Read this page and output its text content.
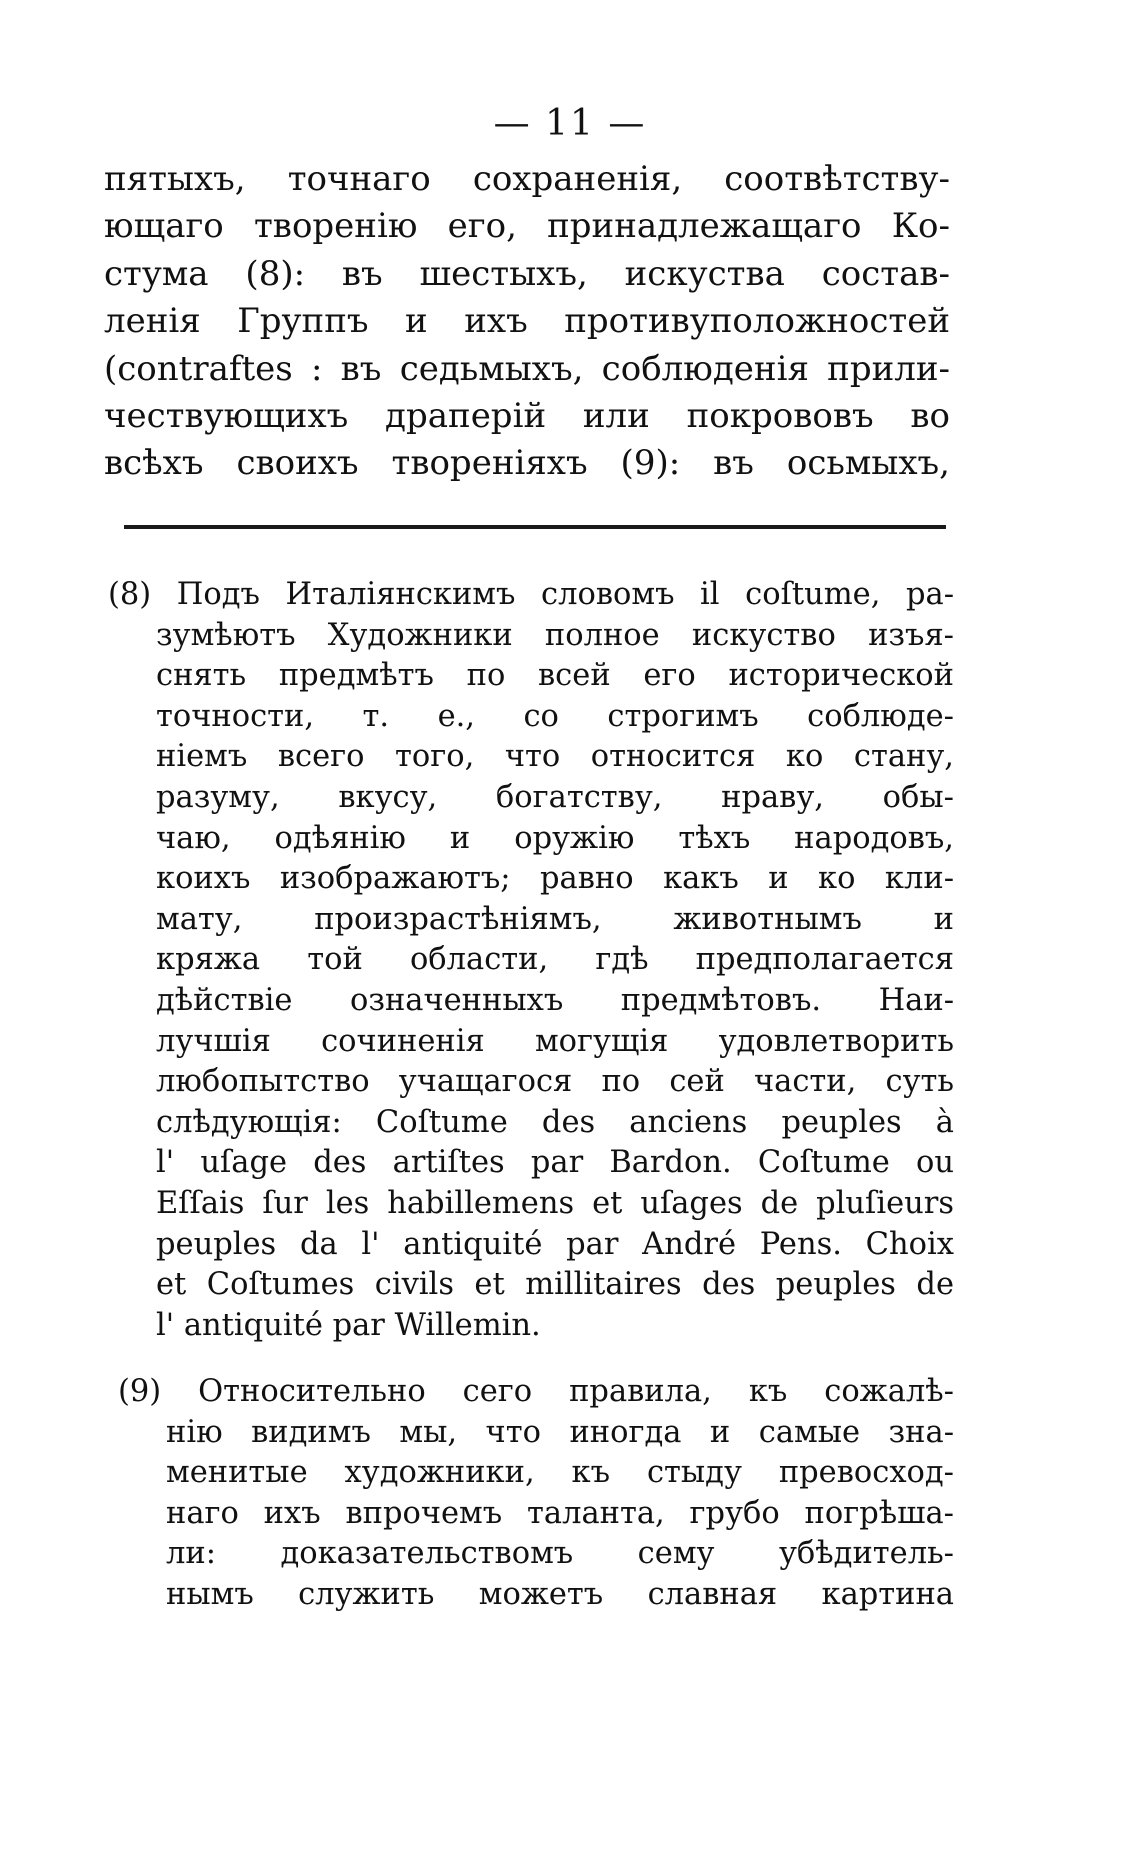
— 11 —
пятыхъ, точнаго сохраненія, соотвѣтству-
ющаго творенію его, принадлежащаго Ко-
стума (8): въ шестыхъ, искуства состав-
ленія Группъ и ихъ противуположностей
(contraftes : въ седьмыхъ, соблюденія прили-
чествующихъ драперій или покрововъ во
всѣхъ своихъ твореніяхъ (9): въ осьмыхъ,
(8) Подъ Италіянскимъ словомъ il coſtume, ра-
зумѣютъ Художники полное искуство изъя-
снять предмѣтъ по всей его исторической
точности, т. е., со строгимъ соблюде-
ніемъ всего того, что относится ко стану,
разуму, вкусу, богатству, нраву, обы-
чаю, одѣянію и оружію тѣхъ народовъ,
коихъ изображаютъ; равно какъ и ко кли-
мату, произрастѣніямъ, животнымъ и
кряжа той области, гдѣ предполагается
дѣйствіе означенныхъ предмѣтовъ. Наи-
лучшія сочиненія могущія удовлетворить
любопытство учащагося по сей части, суть
слѣдующія: Coſtume des anciens peuples à
l' uſage des artiſtes par Bardon. Coſtume ou
Eſſais ſur les habillemens et uſages de pluſieurs
peuples da l' antiquité par André Pens. Choix
et Coſtumes civils et millitaires des peuples de
l' antiquité par Willemin.
(9) Относительно сего правила, къ сожалѣ-
нію видимъ мы, что иногда и самые зна-
менитые художники, къ стыду превосход-
наго ихъ впрочемъ таланта, грубо погрѣша-
ли: доказательствомъ сему убѣдитель-
нымъ служить можетъ славная картина
